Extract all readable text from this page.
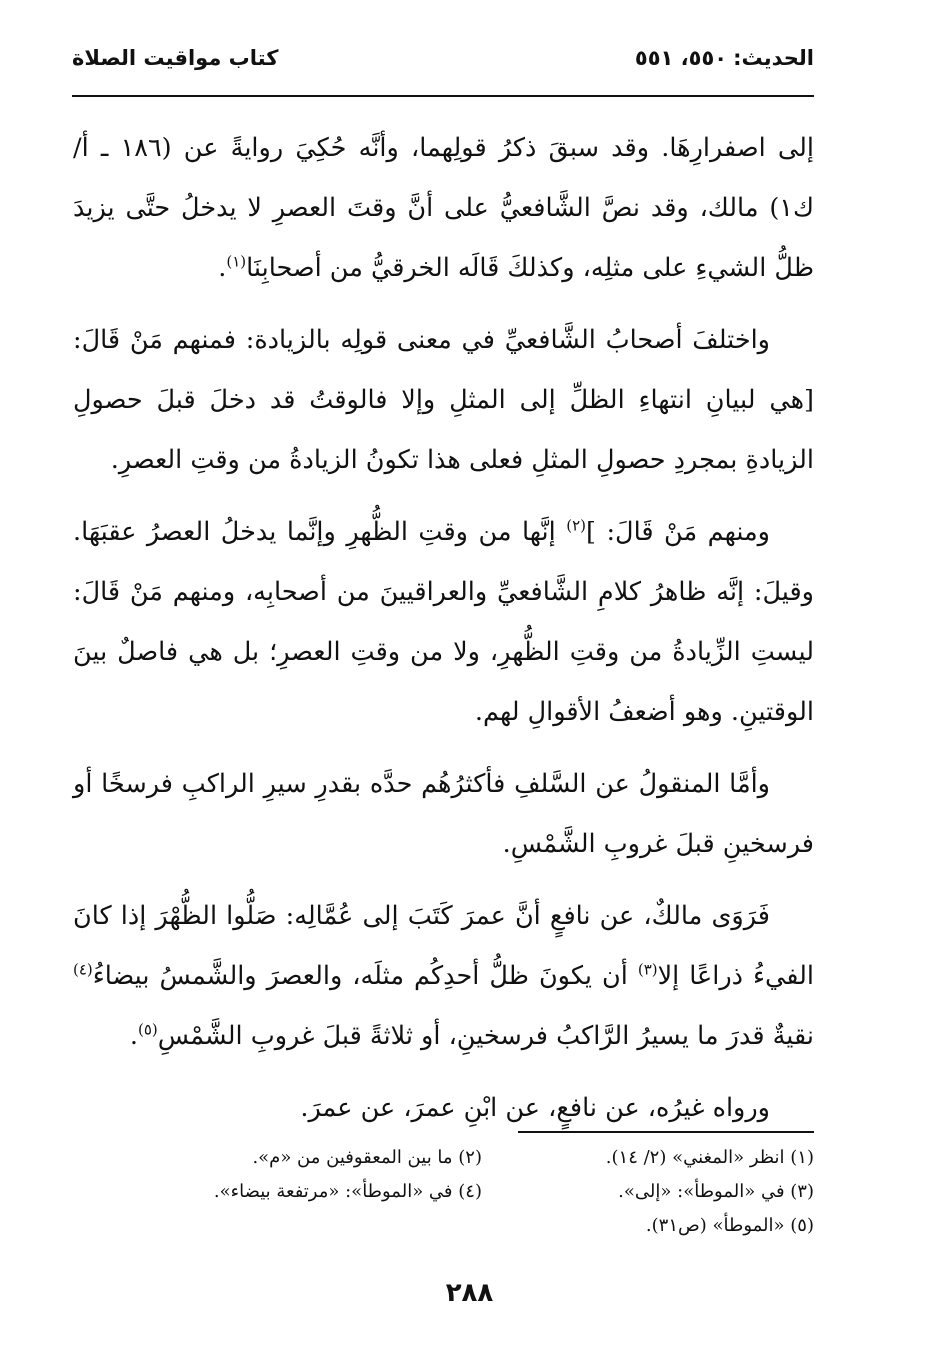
الحديث:٥٥٠، ٥٥١
كتاب مواقيت الصلاة

إلى اصفرارِهَا. وقد سبقَ ذكرُ قولِهما، وأنَّه حُكِيَ روايةً عن (١٨٦ ـ أ/ ك١) مالك، وقد نصَّ الشَّافعيُّ على أنَّ وقتَ العصرِ لا يدخلُ حتَّى يزيدَ ظلُّ الشيءِ على مثلِه، وكذلكَ قَالَه الخرقيُّ من أصحابِنَا$^{(١)}$.

واختلفَ أصحابُ الشَّافعيِّ في معنى قولِه بالزيادة: فمنهم مَنْ قَالَ: [هي لبيانِ انتهاءِ الظلِّ إلى المثلِ وإلا فالوقتُ قد دخلَ قبلَ حصولِ الزيادةِ بمجردِ حصولِ المثلِ فعلى هذا تكونُ الزيادةُ من وقتِ العصرِ.

ومنهم مَنْ قَالَ: ]$^{(٢)}$ إنَّها من وقتِ الظُّهرِ وإنَّما يدخلُ العصرُ عقبَهَا. وقيلَ: إنَّه ظاهرُ كلامِ الشَّافعيِّ والعراقيينَ من أصحابِه، ومنهم مَنْ قَالَ: ليستِ الزِّيادةُ من وقتِ الظُّهرِ، ولا من وقتِ العصرِ؛ بل هي فاصلٌ بينَ الوقتينِ. وهو أضعفُ الأقوالِ لهم.

وأمَّا المنقولُ عن السَّلفِ فأكثرُهُم حدَّه بقدرِ سيرِ الراكبِ فرسخًا أو فرسخينِ قبلَ غروبِ الشَّمْسِ.

فَرَوَى مالكٌ، عن نافعٍ أنَّ عمرَ كَتَبَ إلى عُمَّالِه: صَلُّوا الظُّهْرَ إذا كانَ الفيءُ ذراعًا إلا$^{(٣)}$ أن يكونَ ظلُّ أحدِكُم مثلَه، والعصرَ والشَّمسُ بيضاءُ$^{(٤)}$ نقيةٌ قدرَ ما يسيرُ الرَّاكبُ فرسخينِ، أو ثلاثةً قبلَ غروبِ الشَّمْسِ$^{(٥)}$.

ورواه غيرُه، عن نافعٍ، عن ابْنِ عمرَ، عن عمرَ.

(١) انظر «المغني» (٢/ ١٤).
(٢) ما بين المعقوفين من «م».
(٣) في «الموطأ»: «إلى».
(٤) في «الموطأ»: «مرتفعة بيضاء».
(٥) «الموطأ» (ص٣١).
٢٨٨
